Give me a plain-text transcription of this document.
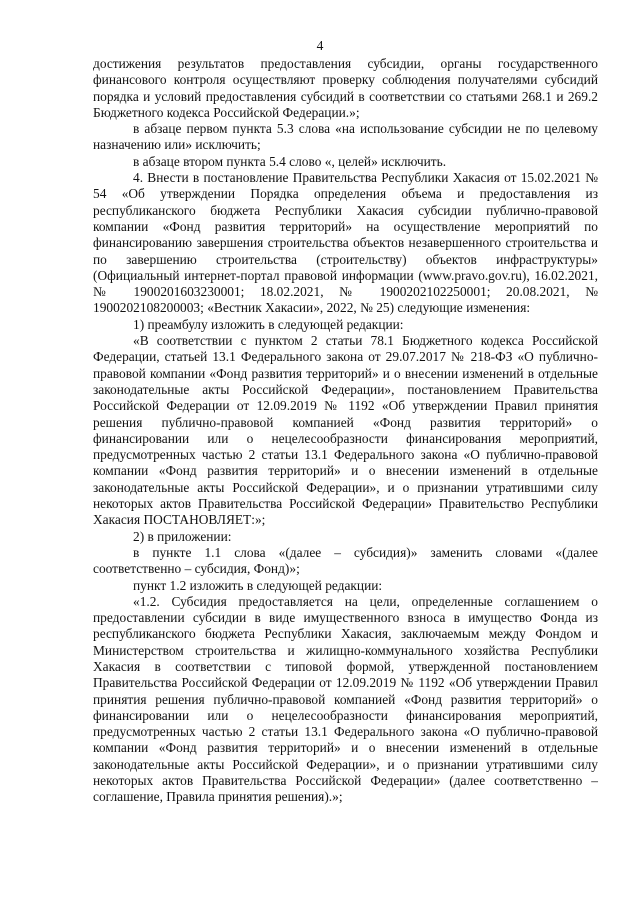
4

достижения результатов предоставления субсидии, органы государственного финансового контроля осуществляют проверку соблюдения получателями субсидий порядка и условий предоставления субсидий в соответствии со статьями 268.1 и 269.2 Бюджетного кодекса Российской Федерации.»;

в абзаце первом пункта 5.3 слова «на использование субсидии не по целевому назначению или» исключить;

в абзаце втором пункта 5.4 слово «, целей» исключить.

4. Внести в постановление Правительства Республики Хакасия от 15.02.2021 № 54 «Об утверждении Порядка определения объема и предоставления из республиканского бюджета Республики Хакасия субсидии публично-правовой компании «Фонд развития территорий» на осуществление мероприятий по финансированию завершения строительства объектов незавершенного строительства и по завершению строительства (строительству) объектов инфраструктуры» (Официальный интернет-портал правовой информации (www.pravo.gov.ru), 16.02.2021, № 1900201603230001; 18.02.2021, № 1900202102250001; 20.08.2021, № 1900202108200003; «Вестник Хакасии», 2022, № 25) следующие изменения:

1) преамбулу изложить в следующей редакции:

«В соответствии с пунктом 2 статьи 78.1 Бюджетного кодекса Российской Федерации, статьей 13.1 Федерального закона от 29.07.2017 № 218-ФЗ «О публично-правовой компании «Фонд развития территорий» и о внесении изменений в отдельные законодательные акты Российской Федерации», постановлением Правительства Российской Федерации от 12.09.2019 № 1192 «Об утверждении Правил принятия решения публично-правовой компанией «Фонд развития территорий» о финансировании или о нецелесообразности финансирования мероприятий, предусмотренных частью 2 статьи 13.1 Федерального закона «О публично-правовой компании «Фонд развития территорий» и о внесении изменений в отдельные законодательные акты Российской Федерации», и о признании утратившими силу некоторых актов Правительства Российской Федерации» Правительство Республики Хакасия ПОСТАНОВЛЯЕТ:»;

2) в приложении:

в пункте 1.1 слова «(далее – субсидия)» заменить словами «(далее соответственно – субсидия, Фонд)»;

пункт 1.2 изложить в следующей редакции:

«1.2. Субсидия предоставляется на цели, определенные соглашением о предоставлении субсидии в виде имущественного взноса в имущество Фонда из республиканского бюджета Республики Хакасия, заключаемым между Фондом и Министерством строительства и жилищно-коммунального хозяйства Республики Хакасия в соответствии с типовой формой, утвержденной постановлением Правительства Российской Федерации от 12.09.2019 № 1192 «Об утверждении Правил принятия решения публично-правовой компанией «Фонд развития территорий» о финансировании или о нецелесообразности финансирования мероприятий, предусмотренных частью 2 статьи 13.1 Федерального закона «О публично-правовой компании «Фонд развития территорий» и о внесении изменений в отдельные законодательные акты Российской Федерации», и о признании утратившими силу некоторых актов Правительства Российской Федерации» (далее соответственно – соглашение, Правила принятия решения).»;
